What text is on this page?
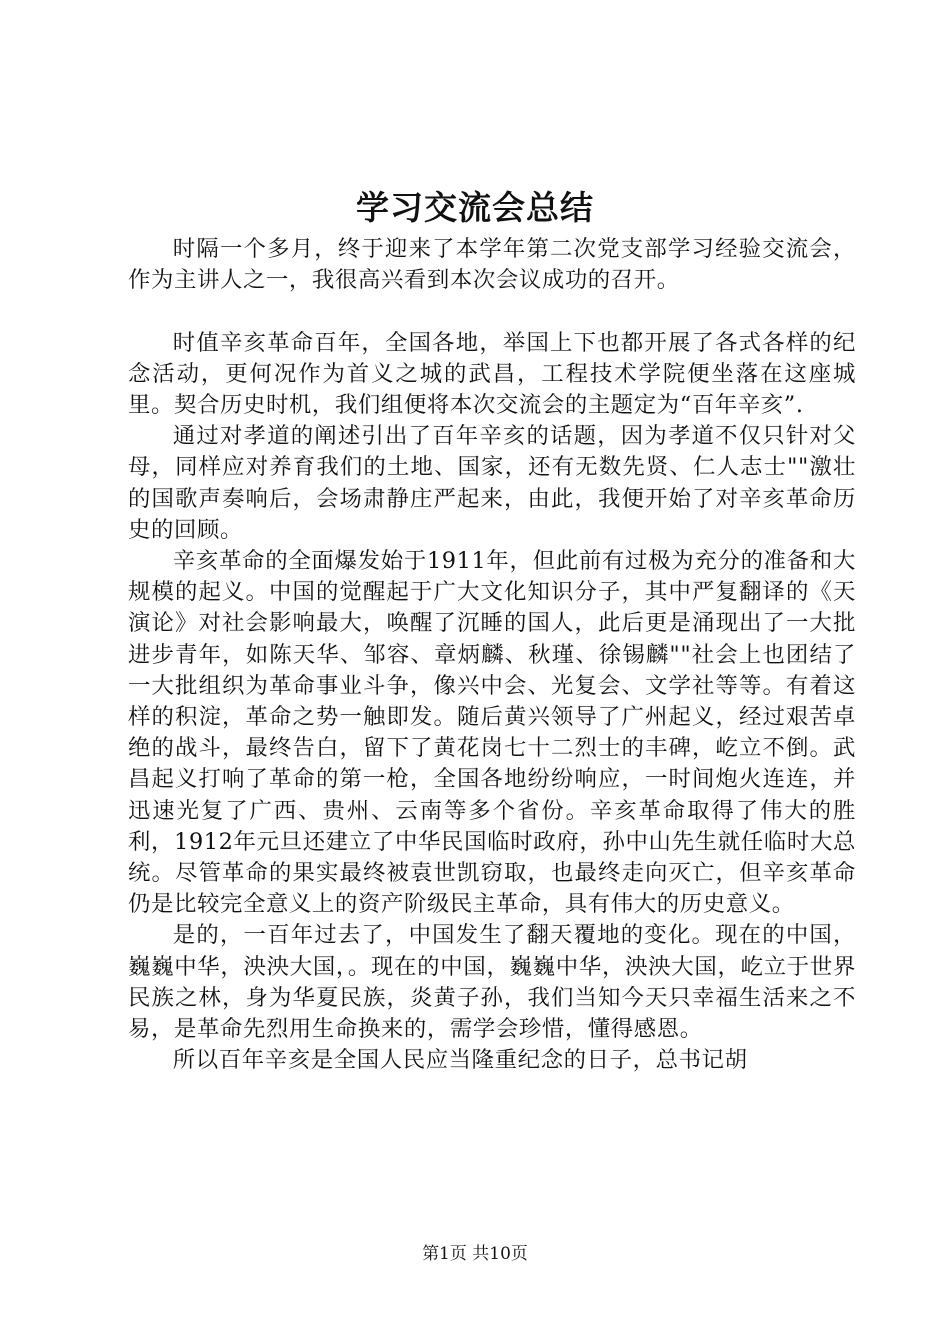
学习交流会总结

时隔一个多月，终于迎来了本学年第二次党支部学习经验交流会，作为主讲人之一，我很高兴看到本次会议成功的召开。

时值辛亥革命百年，全国各地，举国上下也都开展了各式各样的纪念活动，更何况作为首义之城的武昌，工程技术学院便坐落在这座城里。契合历史时机，我们组便将本次交流会的主题定为“百年辛亥”.

通过对孝道的阐述引出了百年辛亥的话题，因为孝道不仅只针对父母，同样应对养育我们的土地、国家，还有无数先贤、仁人志士""激壮的国歌声奏响后，会场肃静庄严起来，由此，我便开始了对辛亥革命历史的回顾。

辛亥革命的全面爆发始于1911年，但此前有过极为充分的准备和大规模的起义。中国的觉醒起于广大文化知识分子，其中严复翻译的《天演论》对社会影响最大，唤醒了沉睡的国人，此后更是涌现出了一大批进步青年，如陈天华、邹容、章炳麟、秋瑾、徐锡麟""社会上也团结了一大批组织为革命事业斗争，像兴中会、光复会、文学社等等。有着这样的积淀，革命之势一触即发。随后黄兴领导了广州起义，经过艰苦卓绝的战斗，最终告白，留下了黄花岗七十二烈士的丰碑，屹立不倒。武昌起义打响了革命的第一枪，全国各地纷纷响应，一时间炮火连连，并迅速光复了广西、贵州、云南等多个省份。辛亥革命取得了伟大的胜利，1912年元旦还建立了中华民国临时政府，孙中山先生就任临时大总统。尽管革命的果实最终被袁世凯窃取，也最终走向灭亡，但辛亥革命仍是比较完全意义上的资产阶级民主革命，具有伟大的历史意义。

是的，一百年过去了，中国发生了翻天覆地的变化。现在的中国，巍巍中华，泱泱大国，。现在的中国，巍巍中华，泱泱大国，屹立于世界民族之林，身为华夏民族，炎黄子孙，我们当知今天只幸福生活来之不易，是革命先烈用生命换来的，需学会珍惜，懂得感恩。

所以百年辛亥是全国人民应当隆重纪念的日子，总书记胡

第1页 共10页
